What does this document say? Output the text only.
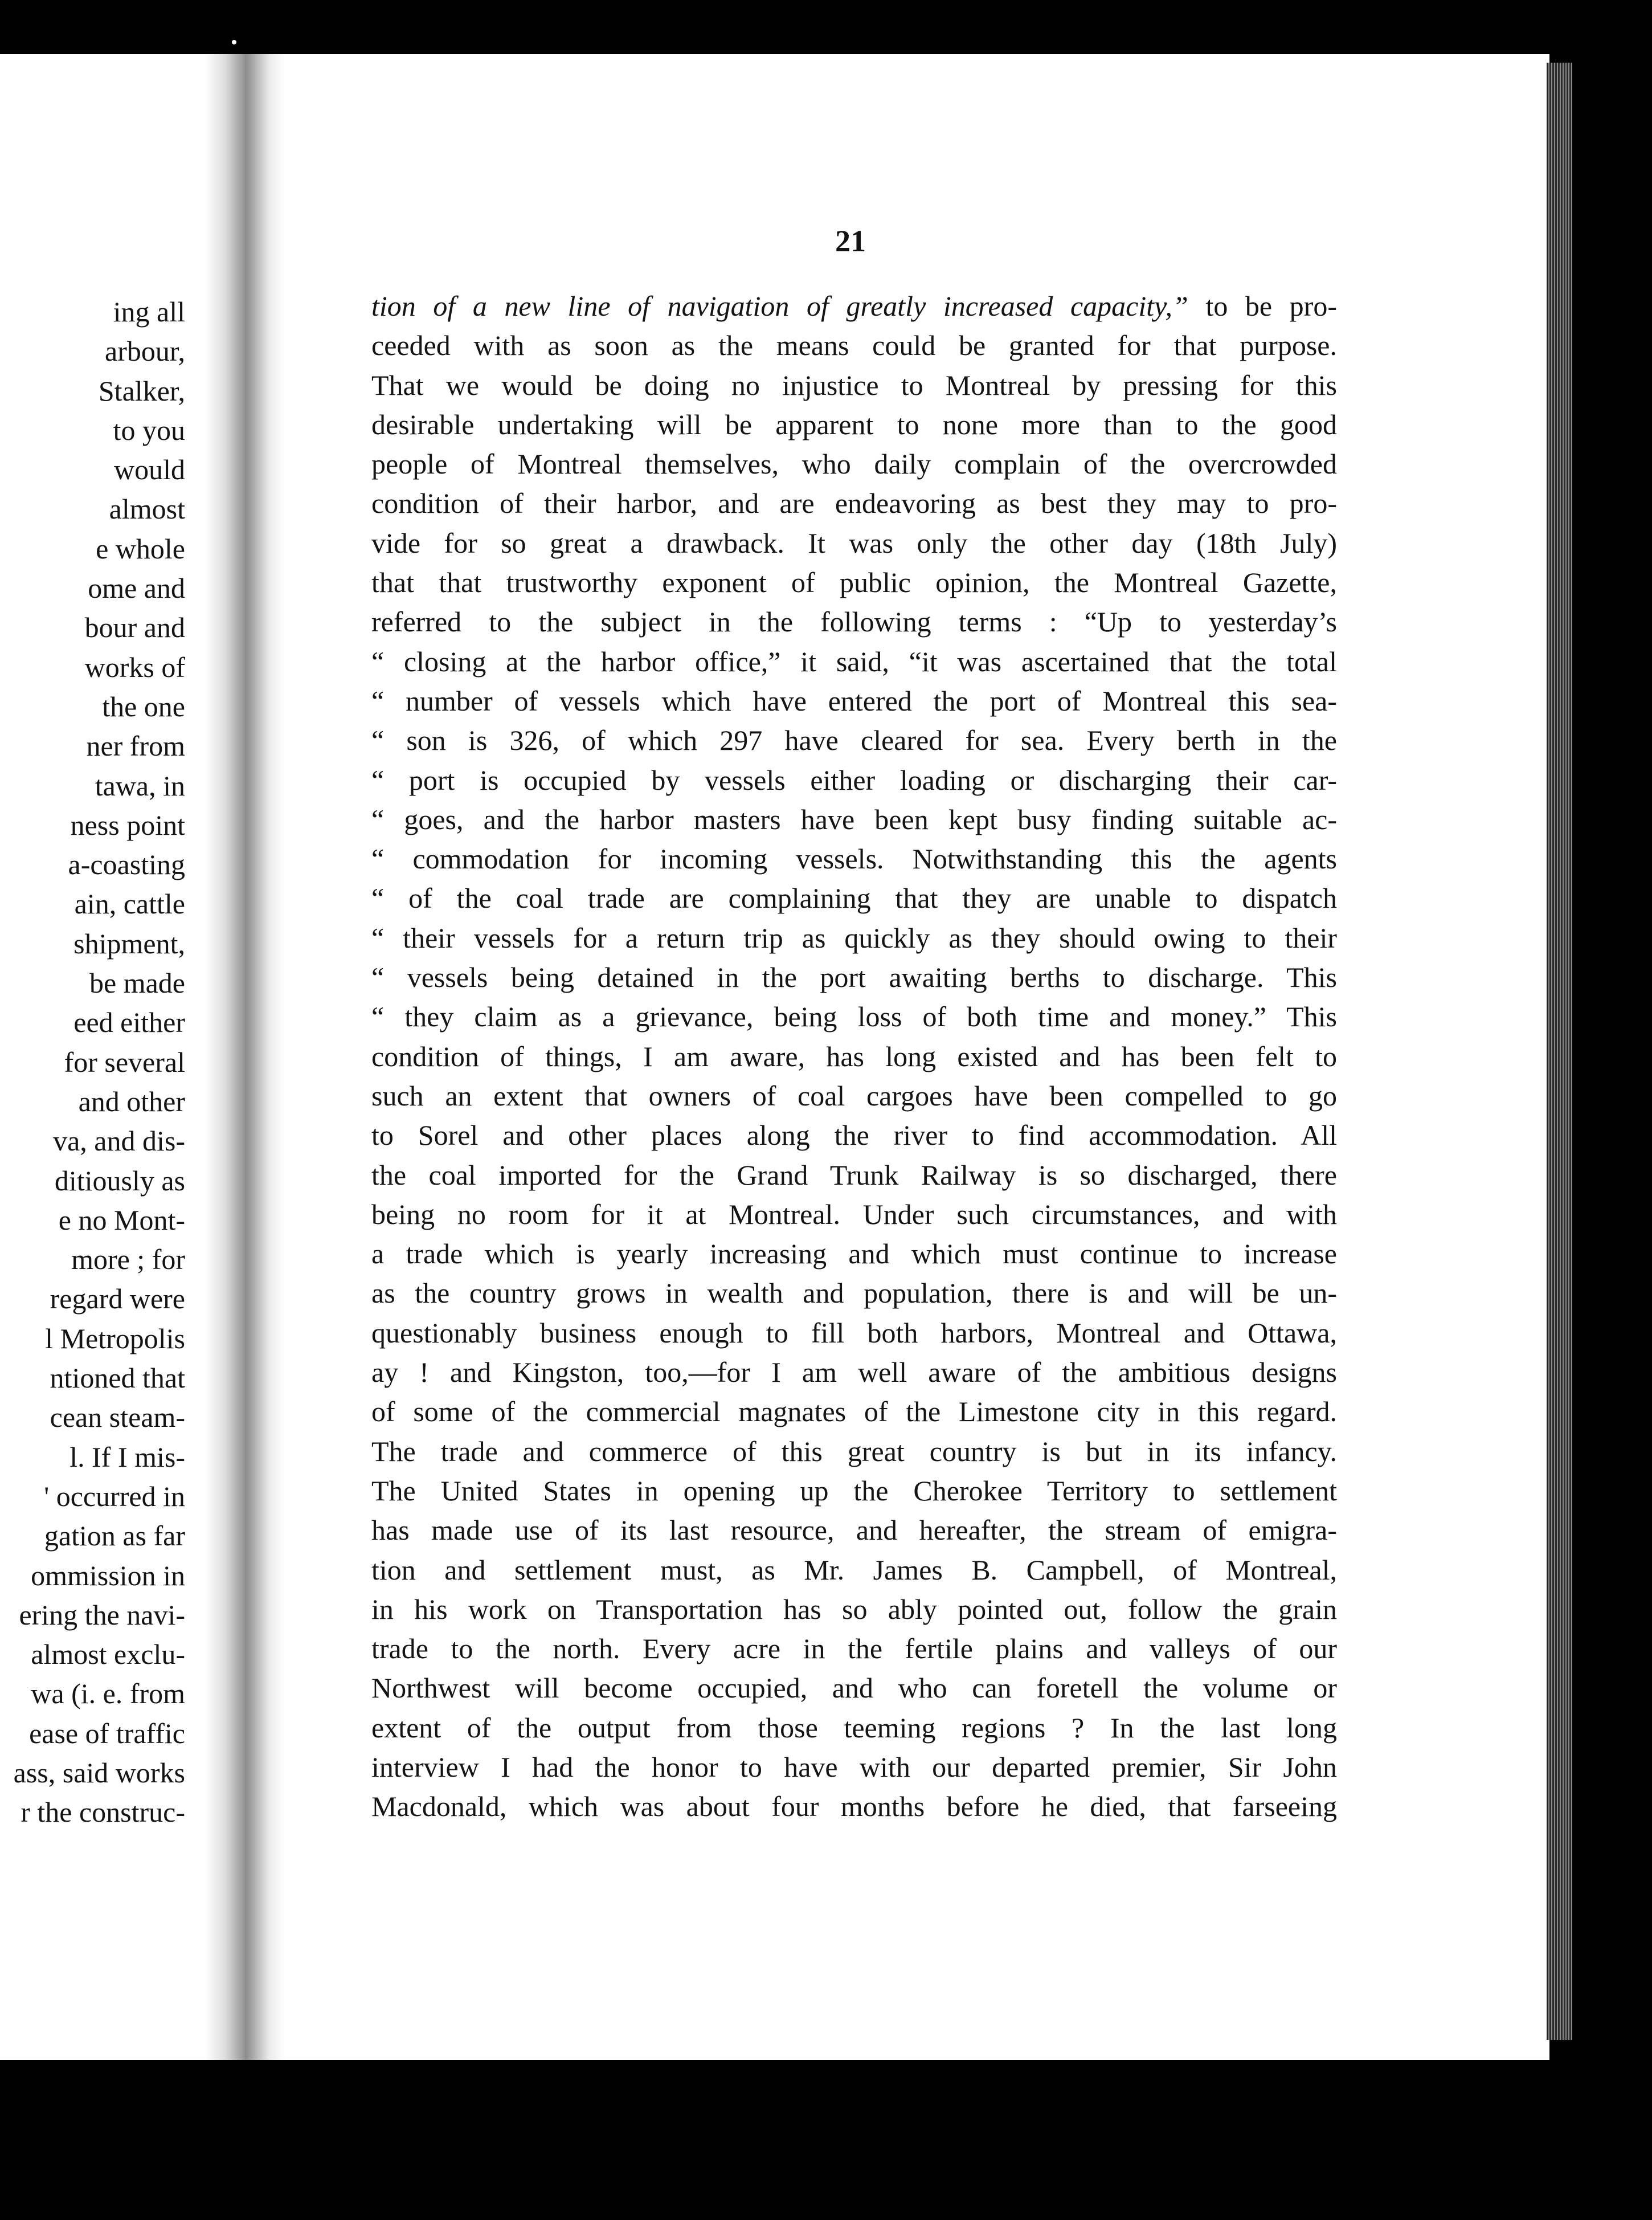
ing all
arbour,
Stalker,
to you
would
almost
e whole
ome and
bour and
works of
the one
ner from
tawa, in
ness point
a-coasting
ain, cattle
shipment,
be made
eed either
for several
and other
va, and dis-
ditiously as
e no Mont-
more ; for
regard were
l Metropolis
ntioned that
cean steam-
l. If I mis-
' occurred in
gation as far
ommission in
ering the navi-
almost exclu-
wa (i. e. from
ease of traffic
ass, said works
r the construc-
21
tion of a new line of navigation of greatly increased capacity,” to be pro-
ceeded with as soon as the means could be granted for that purpose.
That we would be doing no injustice to Montreal by pressing for this
desirable undertaking will be apparent to none more than to the good
people of Montreal themselves, who daily complain of the overcrowded
condition of their harbor, and are endeavoring as best they may to pro-
vide for so great a drawback. It was only the other day (18th July)
that that trustworthy exponent of public opinion, the Montreal Gazette,
referred to the subject in the following terms : “Up to yesterday’s
“ closing at the harbor office,” it said, “it was ascertained that the total
“ number of vessels which have entered the port of Montreal this sea-
“ son is 326, of which 297 have cleared for sea. Every berth in the
“ port is occupied by vessels either loading or discharging their car-
“ goes, and the harbor masters have been kept busy finding suitable ac-
“ commodation for incoming vessels. Notwithstanding this the agents
“ of the coal trade are complaining that they are unable to dispatch
“ their vessels for a return trip as quickly as they should owing to their
“ vessels being detained in the port awaiting berths to discharge. This
“ they claim as a grievance, being loss of both time and money.” This
condition of things, I am aware, has long existed and has been felt to
such an extent that owners of coal cargoes have been compelled to go
to Sorel and other places along the river to find accommodation. All
the coal imported for the Grand Trunk Railway is so discharged, there
being no room for it at Montreal. Under such circumstances, and with
a trade which is yearly increasing and which must continue to increase
as the country grows in wealth and population, there is and will be un-
questionably business enough to fill both harbors, Montreal and Ottawa,
ay ! and Kingston, too,—for I am well aware of the ambitious designs
of some of the commercial magnates of the Limestone city in this regard.
The trade and commerce of this great country is but in its infancy.
The United States in opening up the Cherokee Territory to settlement
has made use of its last resource, and hereafter, the stream of emigra-
tion and settlement must, as Mr. James B. Campbell, of Montreal,
in his work on Transportation has so ably pointed out, follow the grain
trade to the north. Every acre in the fertile plains and valleys of our
Northwest will become occupied, and who can foretell the volume or
extent of the output from those teeming regions ? In the last long
interview I had the honor to have with our departed premier, Sir John
Macdonald, which was about four months before he died, that farseeing
